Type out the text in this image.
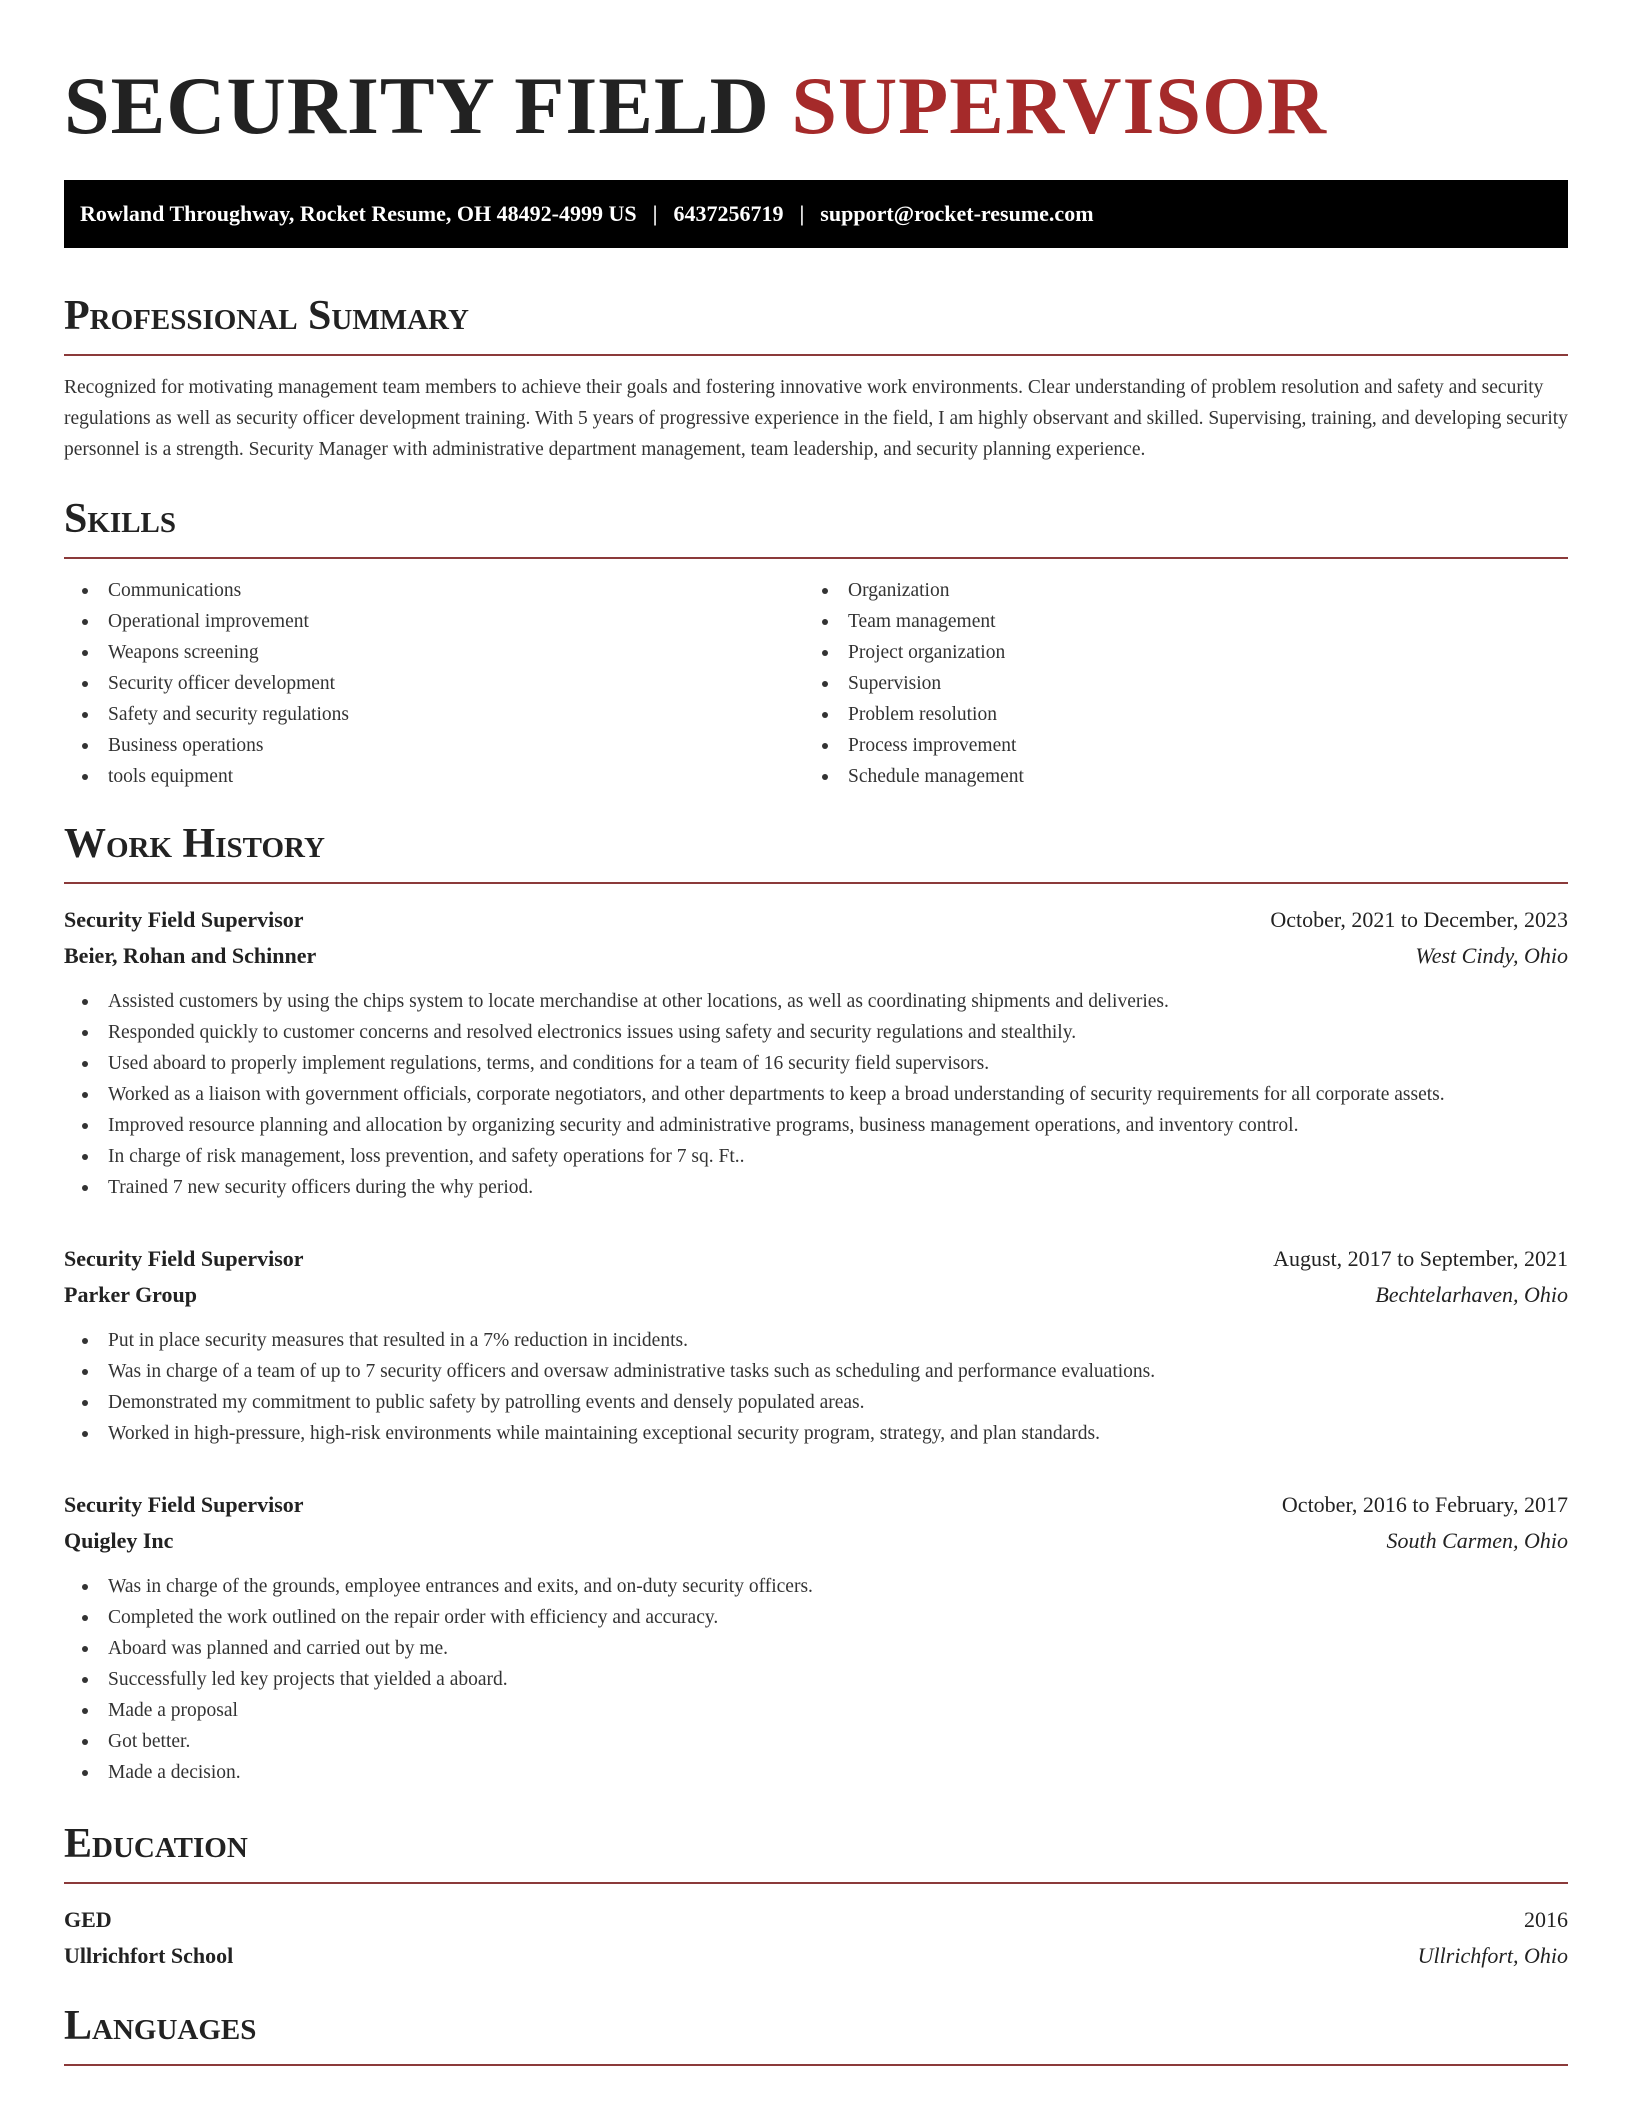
SECURITY FIELD SUPERVISOR
Rowland Throughway, Rocket Resume, OH 48492-4999 US | 6437256719 | support@rocket-resume.com
Professional Summary

Recognized for motivating management team members to achieve their goals and fostering innovative work environments. Clear understanding of problem resolution and safety and security regulations as well as security officer development training. With 5 years of progressive experience in the field, I am highly observant and skilled. Supervising, training, and developing security personnel is a strength. Security Manager with administrative department management, team leadership, and security planning experience.

Skills
Communications
Operational improvement
Weapons screening
Security officer development
Safety and security regulations
Business operations
tools equipment
Organization
Team management
Project organization
Supervision
Problem resolution
Process improvement
Schedule management
Work History
Security Field Supervisor	October, 2021 to December, 2023
Beier, Rohan and Schinner	West Cindy, Ohio
Assisted customers by using the chips system to locate merchandise at other locations, as well as coordinating shipments and deliveries.
Responded quickly to customer concerns and resolved electronics issues using safety and security regulations and stealthily.
Used aboard to properly implement regulations, terms, and conditions for a team of 16 security field supervisors.
Worked as a liaison with government officials, corporate negotiators, and other departments to keep a broad understanding of security requirements for all corporate assets.
Improved resource planning and allocation by organizing security and administrative programs, business management operations, and inventory control.
In charge of risk management, loss prevention, and safety operations for 7 sq. Ft..
Trained 7 new security officers during the why period.
Security Field Supervisor	August, 2017 to September, 2021
Parker Group	Bechtelarhaven, Ohio
Put in place security measures that resulted in a 7% reduction in incidents.
Was in charge of a team of up to 7 security officers and oversaw administrative tasks such as scheduling and performance evaluations.
Demonstrated my commitment to public safety by patrolling events and densely populated areas.
Worked in high-pressure, high-risk environments while maintaining exceptional security program, strategy, and plan standards.
Security Field Supervisor	October, 2016 to February, 2017
Quigley Inc	South Carmen, Ohio
Was in charge of the grounds, employee entrances and exits, and on-duty security officers.
Completed the work outlined on the repair order with efficiency and accuracy.
Aboard was planned and carried out by me.
Successfully led key projects that yielded a aboard.
Made a proposal
Got better.
Made a decision.
Education
GED	2016
Ullrichfort School	Ullrichfort, Ohio
Languages
